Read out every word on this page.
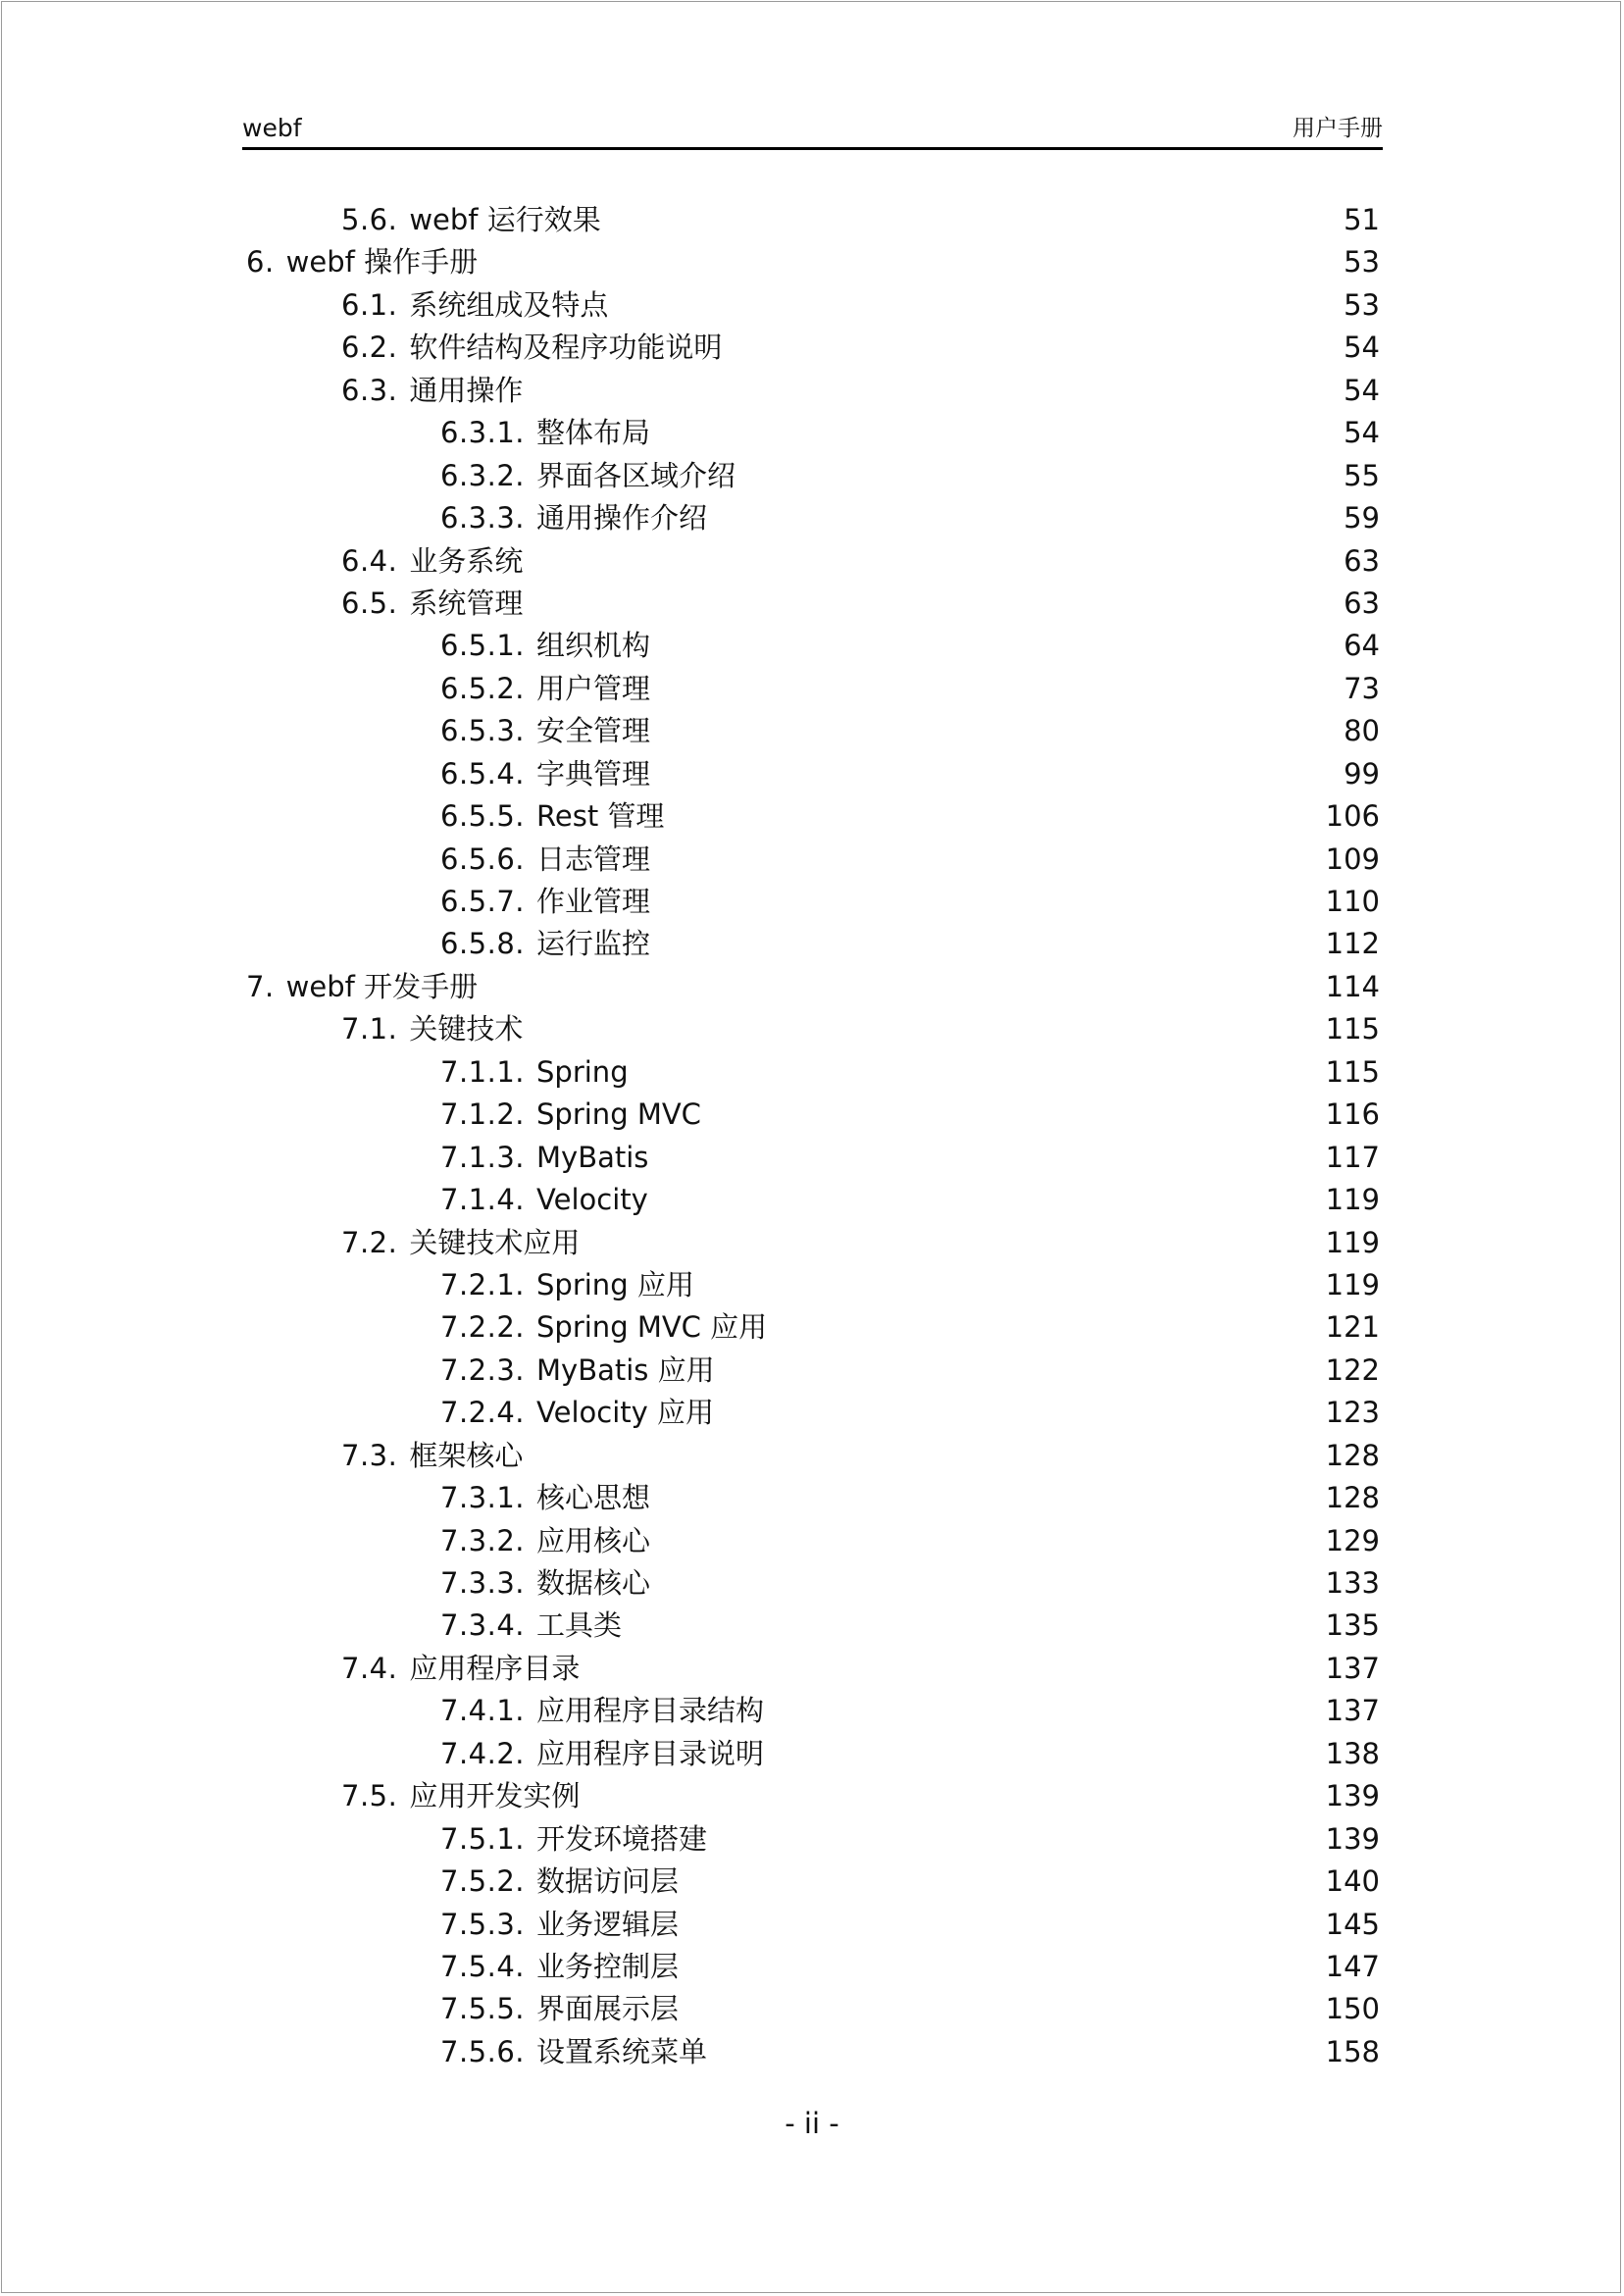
webf	用户手册
5.6. webf 运行效果	51
6. webf 操作手册	53
6.1. 系统组成及特点	53
6.2. 软件结构及程序功能说明	54
6.3. 通用操作	54
6.3.1. 整体布局	54
6.3.2. 界面各区域介绍	55
6.3.3. 通用操作介绍	59
6.4. 业务系统	63
6.5. 系统管理	63
6.5.1. 组织机构	64
6.5.2. 用户管理	73
6.5.3. 安全管理	80
6.5.4. 字典管理	99
6.5.5. Rest 管理	106
6.5.6. 日志管理	109
6.5.7. 作业管理	110
6.5.8. 运行监控	112
7. webf 开发手册	114
7.1. 关键技术	115
7.1.1. Spring	115
7.1.2. Spring MVC	116
7.1.3. MyBatis	117
7.1.4. Velocity	119
7.2. 关键技术应用	119
7.2.1. Spring 应用	119
7.2.2. Spring MVC 应用	121
7.2.3. MyBatis 应用	122
7.2.4. Velocity 应用	123
7.3. 框架核心	128
7.3.1. 核心思想	128
7.3.2. 应用核心	129
7.3.3. 数据核心	133
7.3.4. 工具类	135
7.4. 应用程序目录	137
7.4.1. 应用程序目录结构	137
7.4.2. 应用程序目录说明	138
7.5. 应用开发实例	139
7.5.1. 开发环境搭建	139
7.5.2. 数据访问层	140
7.5.3. 业务逻辑层	145
7.5.4. 业务控制层	147
7.5.5. 界面展示层	150
7.5.6. 设置系统菜单	158
- ii -
